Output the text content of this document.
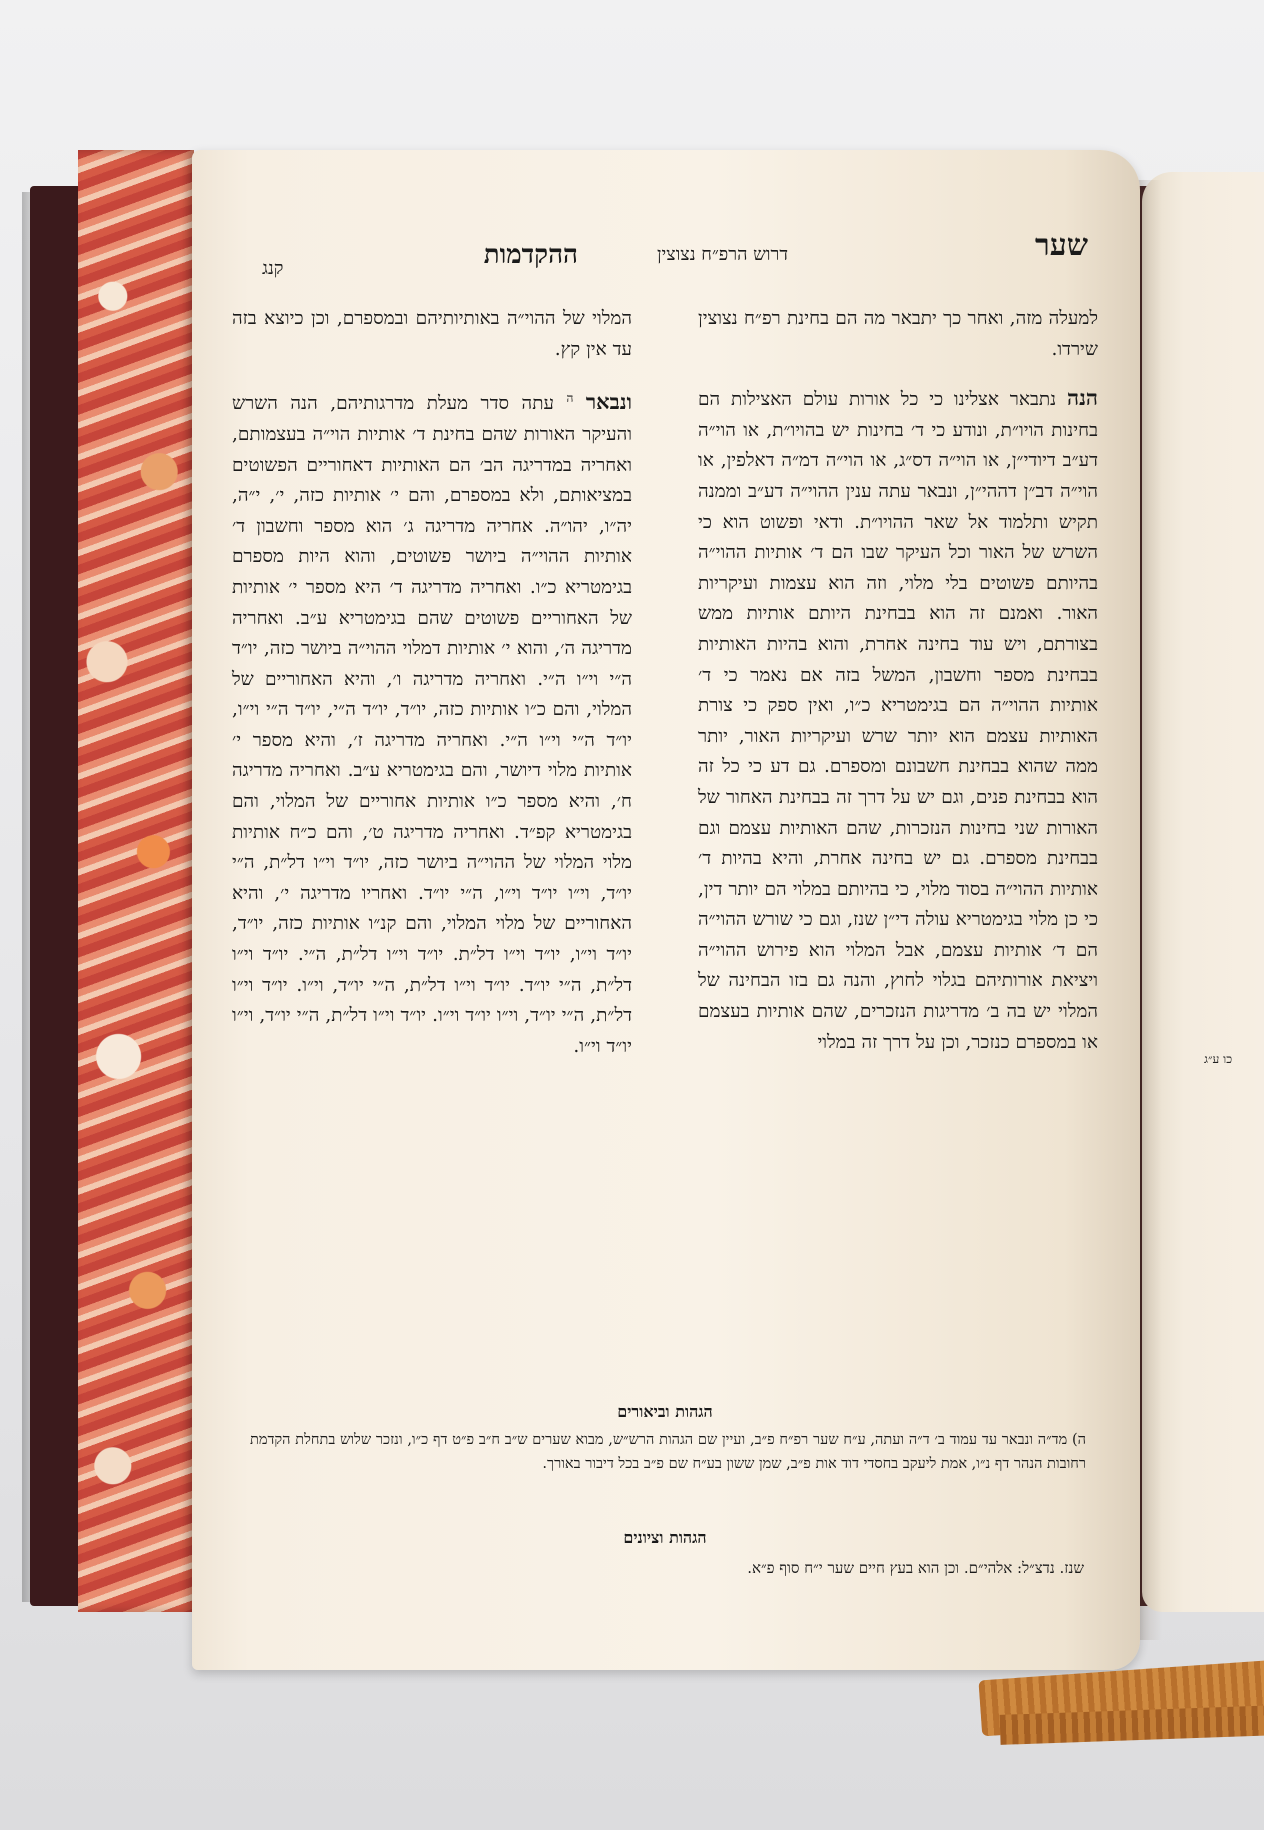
כו ע״ג
שער
דרוש הרפ״ח נצוצין
ההקדמות
קנג

למעלה מזה, ואחר כך יתבאר מה הם בחינת רפ״ח נצוצין שירדו.

הנה נתבאר אצלינו כי כל אורות עולם האצילות הם בחינות הויו״ת, ונודע כי ד׳ בחינות יש בהויו״ת, או הוי״ה דע״ב דיודי״ן, או הוי״ה דס״ג, או הוי״ה דמ״ה דאלפין, או הוי״ה דב״ן דההי״ן, ונבאר עתה ענין ההוי״ה דע״ב וממנה תקיש ותלמוד אל שאר ההויו״ת. ודאי ופשוט הוא כי השרש של האור וכל העיקר שבו הם ד׳ אותיות ההוי״ה בהיותם פשוטים בלי מלוי, וזה הוא עצמות ועיקריות האור. ואמנם זה הוא בבחינת היותם אותיות ממש בצורתם, ויש עוד בחינה אחרת, והוא בהיות האותיות בבחינת מספר וחשבון, המשל בזה אם נאמר כי ד׳ אותיות ההוי״ה הם בגימטריא כ״ו, ואין ספק כי צורת האותיות עצמם הוא יותר שרש ועיקריות האור, יותר ממה שהוא בבחינת חשבונם ומספרם. גם דע כי כל זה הוא בבחינת פנים, וגם יש על דרך זה בבחינת האחור של האורות שני בחינות הנזכרות, שהם האותיות עצמם וגם בבחינת מספרם. גם יש בחינה אחרת, והיא בהיות ד׳ אותיות ההוי״ה בסוד מלוי, כי בהיותם במלוי הם יותר דין, כי כן מלוי בגימטריא עולה די״ן שנז, וגם כי שורש ההוי״ה הם ד׳ אותיות עצמם, אבל המלוי הוא פירוש ההוי״ה ויציאת אורותיהם בגלוי לחוץ, והנה גם בזו הבחינה של המלוי יש בה ב׳ מדריגות הנזכרים, שהם אותיות בעצמם או במספרם כנזכר, וכן על דרך זה במלוי

המלוי של ההוי״ה באותיותיהם ובמספרם, וכן כיוצא בזה עד אין קץ.

ונבאר $^ה$ עתה סדר מעלת מדרגותיהם, הנה השרש והעיקר האורות שהם בחינת ד׳ אותיות הוי״ה בעצמותם, ואחריה במדריגה הב׳ הם האותיות דאחוריים הפשוטים במציאותם, ולא במספרם, והם י׳ אותיות כזה, י׳, י״ה, יה״ו, יהו״ה. אחריה מדריגה ג׳ הוא מספר וחשבון ד׳ אותיות ההוי״ה ביושר פשוטים, והוא היות מספרם בגימטריא כ״ו. ואחריה מדריגה ד׳ היא מספר י׳ אותיות של האחוריים פשוטים שהם בגימטריא ע״ב. ואחריה מדריגה ה׳, והוא י׳ אותיות דמלוי ההוי״ה ביושר כזה, יו״ד ה״י וי״ו ה״י. ואחריה מדריגה ו׳, והיא האחוריים של המלוי, והם כ״ו אותיות כזה, יו״ד, יו״ד ה״י, יו״ד ה״י וי״ו, יו״ד ה״י וי״ו ה״י. ואחריה מדריגה ז׳, והיא מספר י׳ אותיות מלוי דיושר, והם בגימטריא ע״ב. ואחריה מדריגה ח׳, והיא מספר כ״ו אותיות אחוריים של המלוי, והם בגימטריא קפ״ד. ואחריה מדריגה ט׳, והם כ״ח אותיות מלוי המלוי של ההוי״ה ביושר כזה, יו״ד וי״ו דל״ת, ה״י יו״ד, וי״ו יו״ד וי״ו, ה״י יו״ד. ואחריו מדריגה י׳, והיא האחוריים של מלוי המלוי, והם קנ״ו אותיות כזה, יו״ד, יו״ד וי״ו, יו״ד וי״ו דל״ת. יו״ד וי״ו דל״ת, ה״י. יו״ד וי״ו דל״ת, ה״י יו״ד. יו״ד וי״ו דל״ת, ה״י יו״ד, וי״ו. יו״ד וי״ו דל״ת, ה״י יו״ד, וי״ו יו״ד וי״ו. יו״ד וי״ו דל״ת, ה״י יו״ד, וי״ו יו״ד וי״ו.

הגהות וביאורים
ה) מד״ה ונבאר עד עמוד ב׳ ד״ה ועתה, ע״ח שער רפ״ח פ״ב, ועיין שם הגהות הרש״ש, מבוא שערים ש״ב ח״ב פ״ט דף כ״ו, ונזכר שלוש בתחלת הקדמת רחובות הנהר דף נ״ו, אמת ליעקב בחסדי דוד אות פ״ב, שמן ששון בע״ח שם פ״ב בכל דיבור באורך.
הגהות וציונים
שנז. נדצ״ל: אלהי״ם. וכן הוא בעץ חיים שער י״ח סוף פ״א.
